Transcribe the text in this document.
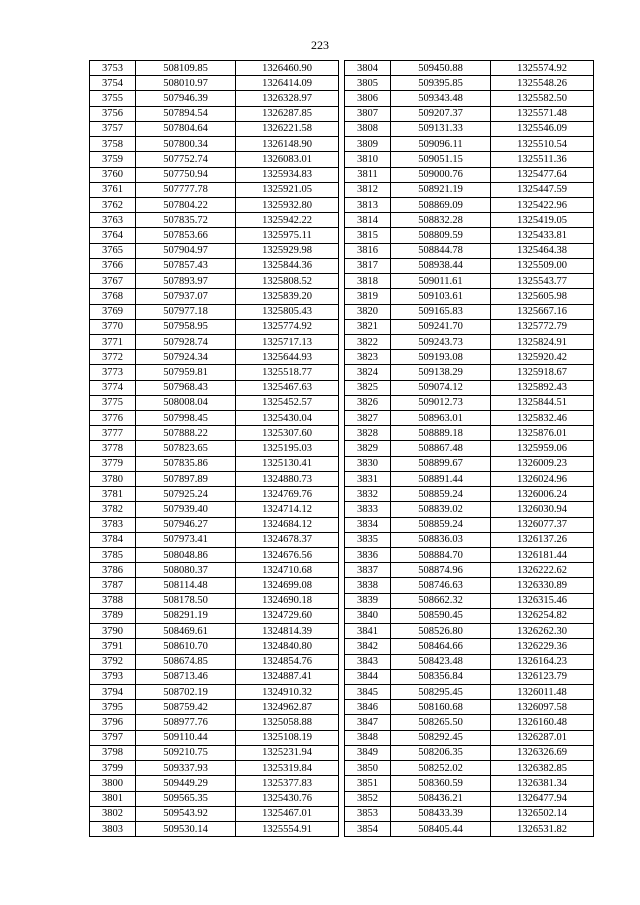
223
3753	508109.85	1326460.90
3754	508010.97	1326414.09
3755	507946.39	1326328.97
3756	507894.54	1326287.85
3757	507804.64	1326221.58
3758	507800.34	1326148.90
3759	507752.74	1326083.01
3760	507750.94	1325934.83
3761	507777.78	1325921.05
3762	507804.22	1325932.80
3763	507835.72	1325942.22
3764	507853.66	1325975.11
3765	507904.97	1325929.98
3766	507857.43	1325844.36
3767	507893.97	1325808.52
3768	507937.07	1325839.20
3769	507977.18	1325805.43
3770	507958.95	1325774.92
3771	507928.74	1325717.13
3772	507924.34	1325644.93
3773	507959.81	1325518.77
3774	507968.43	1325467.63
3775	508008.04	1325452.57
3776	507998.45	1325430.04
3777	507888.22	1325307.60
3778	507823.65	1325195.03
3779	507835.86	1325130.41
3780	507897.89	1324880.73
3781	507925.24	1324769.76
3782	507939.40	1324714.12
3783	507946.27	1324684.12
3784	507973.41	1324678.37
3785	508048.86	1324676.56
3786	508080.37	1324710.68
3787	508114.48	1324699.08
3788	508178.50	1324690.18
3789	508291.19	1324729.60
3790	508469.61	1324814.39
3791	508610.70	1324840.80
3792	508674.85	1324854.76
3793	508713.46	1324887.41
3794	508702.19	1324910.32
3795	508759.42	1324962.87
3796	508977.76	1325058.88
3797	509110.44	1325108.19
3798	509210.75	1325231.94
3799	509337.93	1325319.84
3800	509449.29	1325377.83
3801	509565.35	1325430.76
3802	509543.92	1325467.01
3803	509530.14	1325554.91
3804	509450.88	1325574.92
3805	509395.85	1325548.26
3806	509343.48	1325582.50
3807	509207.37	1325571.48
3808	509131.33	1325546.09
3809	509096.11	1325510.54
3810	509051.15	1325511.36
3811	509000.76	1325477.64
3812	508921.19	1325447.59
3813	508869.09	1325422.96
3814	508832.28	1325419.05
3815	508809.59	1325433.81
3816	508844.78	1325464.38
3817	508938.44	1325509.00
3818	509011.61	1325543.77
3819	509103.61	1325605.98
3820	509165.83	1325667.16
3821	509241.70	1325772.79
3822	509243.73	1325824.91
3823	509193.08	1325920.42
3824	509138.29	1325918.67
3825	509074.12	1325892.43
3826	509012.73	1325844.51
3827	508963.01	1325832.46
3828	508889.18	1325876.01
3829	508867.48	1325959.06
3830	508899.67	1326009.23
3831	508891.44	1326024.96
3832	508859.24	1326006.24
3833	508839.02	1326030.94
3834	508859.24	1326077.37
3835	508836.03	1326137.26
3836	508884.70	1326181.44
3837	508874.96	1326222.62
3838	508746.63	1326330.89
3839	508662.32	1326315.46
3840	508590.45	1326254.82
3841	508526.80	1326262.30
3842	508464.66	1326229.36
3843	508423.48	1326164.23
3844	508356.84	1326123.79
3845	508295.45	1326011.48
3846	508160.68	1326097.58
3847	508265.50	1326160.48
3848	508292.45	1326287.01
3849	508206.35	1326326.69
3850	508252.02	1326382.85
3851	508360.59	1326381.34
3852	508436.21	1326477.94
3853	508433.39	1326502.14
3854	508405.44	1326531.82
